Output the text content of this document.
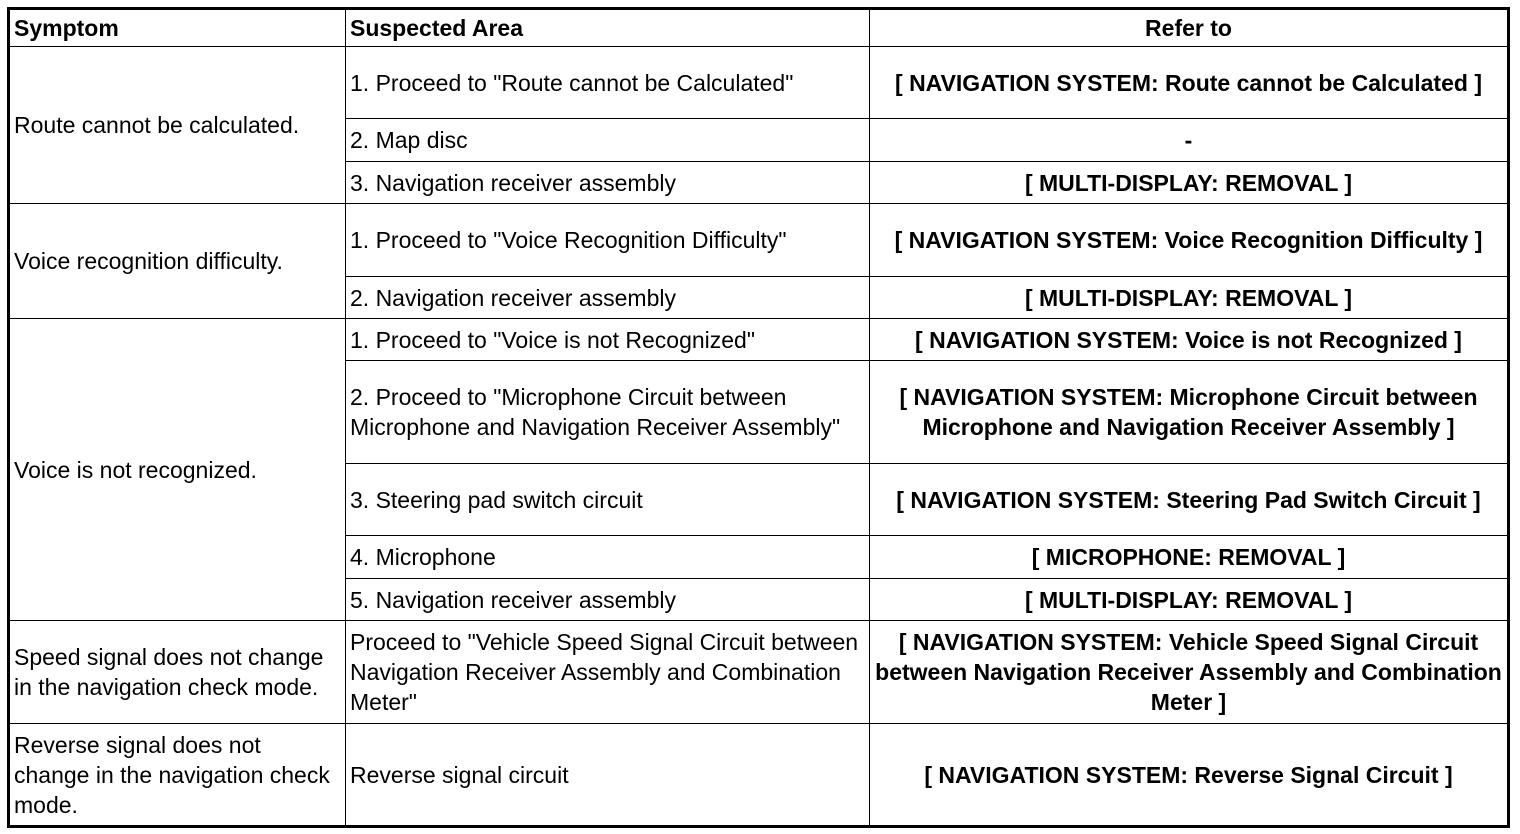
Symptom	Suspected Area	Refer to
Route cannot be calculated.	1. Proceed to "Route cannot be Calculated"	[ NAVIGATION SYSTEM: Route cannot be Calculated ]
	2. Map disc	-
	3. Navigation receiver assembly	[ MULTI-DISPLAY: REMOVAL ]
Voice recognition difficulty.	1. Proceed to "Voice Recognition Difficulty"	[ NAVIGATION SYSTEM: Voice Recognition Difficulty ]
	2. Navigation receiver assembly	[ MULTI-DISPLAY: REMOVAL ]
Voice is not recognized.	1. Proceed to "Voice is not Recognized"	[ NAVIGATION SYSTEM: Voice is not Recognized ]
	2. Proceed to "Microphone Circuit between Microphone and Navigation Receiver Assembly"	[ NAVIGATION SYSTEM: Microphone Circuit between Microphone and Navigation Receiver Assembly ]
	3. Steering pad switch circuit	[ NAVIGATION SYSTEM: Steering Pad Switch Circuit ]
	4. Microphone	[ MICROPHONE: REMOVAL ]
	5. Navigation receiver assembly	[ MULTI-DISPLAY: REMOVAL ]
Speed signal does not change in the navigation check mode.	Proceed to "Vehicle Speed Signal Circuit between Navigation Receiver Assembly and Combination Meter"	[ NAVIGATION SYSTEM: Vehicle Speed Signal Circuit between Navigation Receiver Assembly and Combination Meter ]
Reverse signal does not change in the navigation check mode.	Reverse signal circuit	[ NAVIGATION SYSTEM: Reverse Signal Circuit ]
